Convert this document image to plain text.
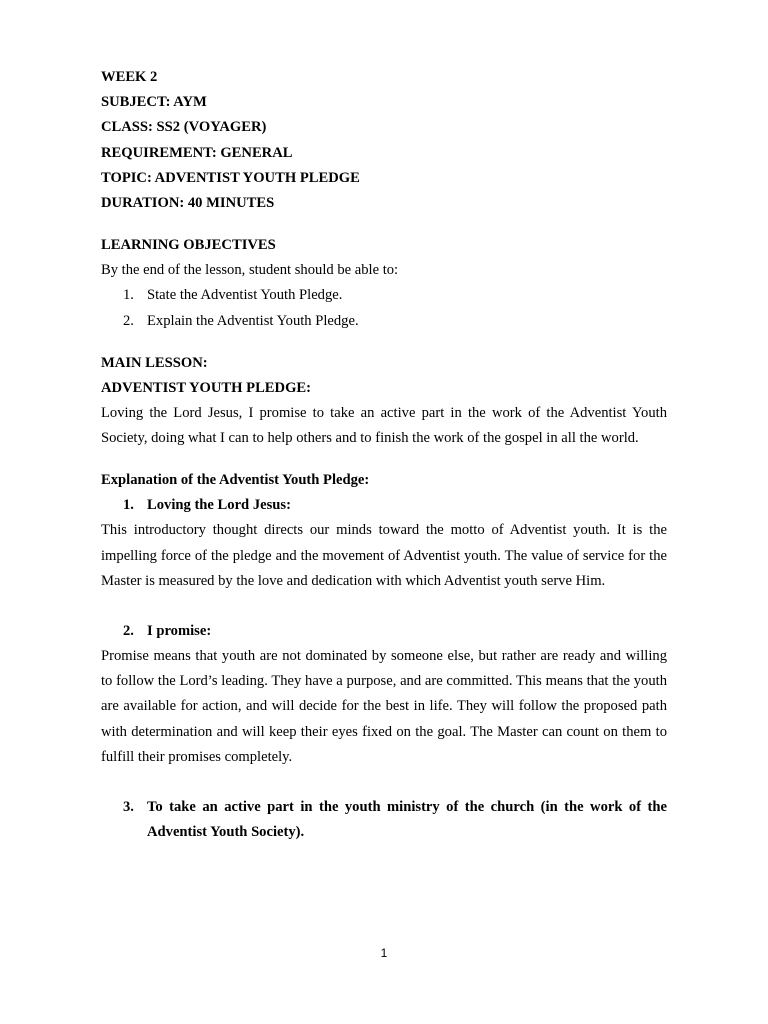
WEEK 2
SUBJECT: AYM
CLASS: SS2 (VOYAGER)
REQUIREMENT: GENERAL
TOPIC: ADVENTIST YOUTH PLEDGE
DURATION: 40 MINUTES
LEARNING OBJECTIVES
By the end of the lesson, student should be able to:
1. State the Adventist Youth Pledge.
2. Explain the Adventist Youth Pledge.
MAIN LESSON:
ADVENTIST YOUTH PLEDGE:

Loving the Lord Jesus, I promise to take an active part in the work of the Adventist Youth Society, doing what I can to help others and to finish the work of the gospel in all the world.

Explanation of the Adventist Youth Pledge:
1. Loving the Lord Jesus:

This introductory thought directs our minds toward the motto of Adventist youth. It is the impelling force of the pledge and the movement of Adventist youth. The value of service for the Master is measured by the love and dedication with which Adventist youth serve Him.

2. I promise:

Promise means that youth are not dominated by someone else, but rather are ready and willing to follow the Lord’s leading. They have a purpose, and are committed. This means that the youth are available for action, and will decide for the best in life. They will follow the proposed path with determination and will keep their eyes fixed on the goal. The Master can count on them to fulfill their promises completely.

3. To take an active part in the youth ministry of the church (in the work of the Adventist Youth Society).
1
